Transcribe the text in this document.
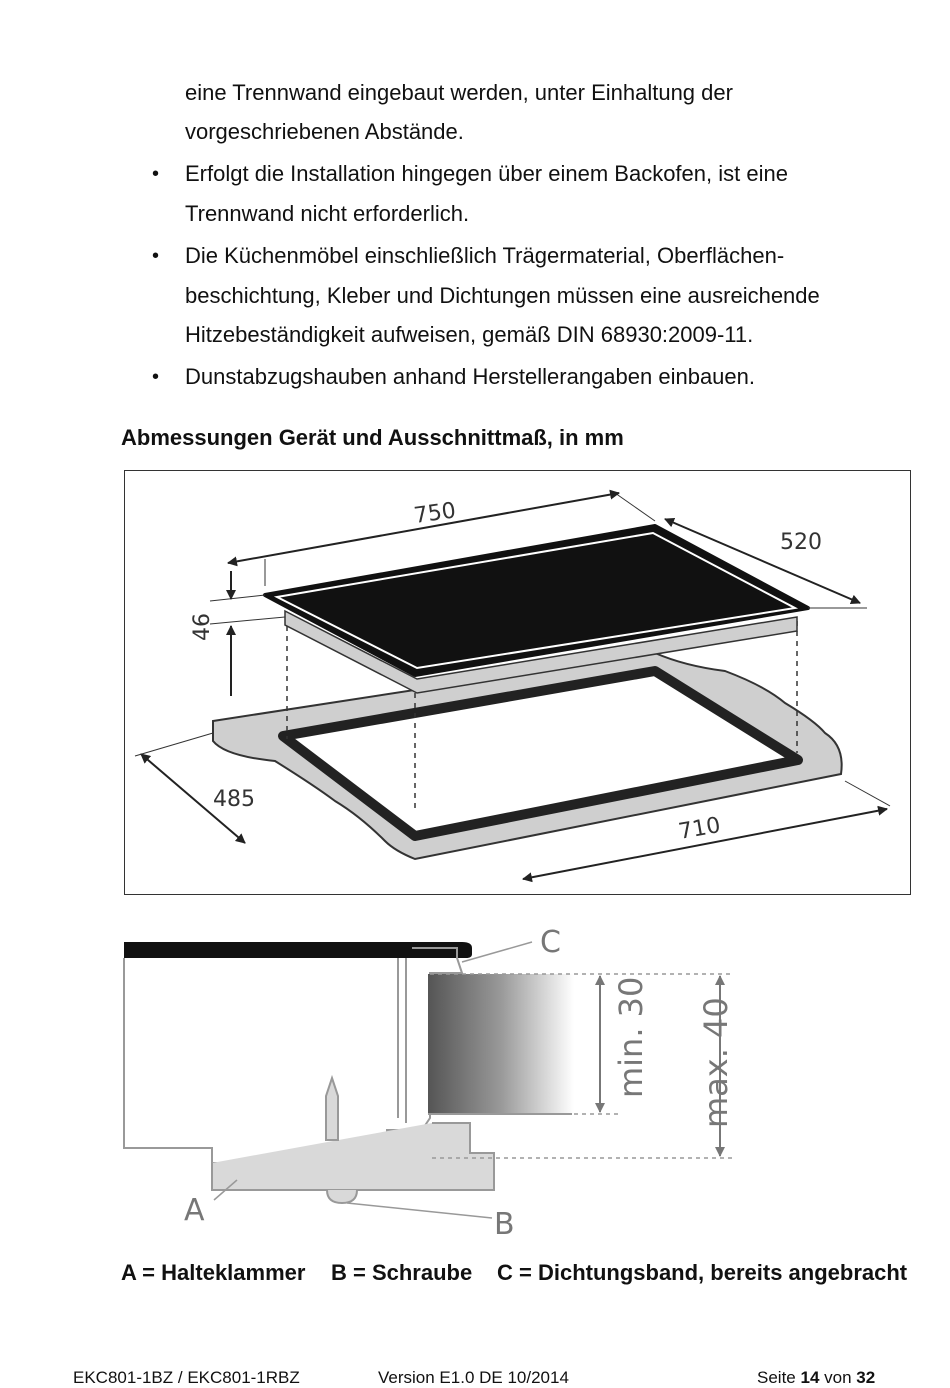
eine Trennwand eingebaut werden, unter Einhaltung der
vorgeschriebenen Abstände.
• Erfolgt die Installation hingegen über einem Backofen, ist eine
Trennwand nicht erforderlich.
• Die Küchenmöbel einschließlich Trägermaterial, Oberflächen-
beschichtung, Kleber und Dichtungen müssen eine ausreichende
Hitzebeständigkeit aufweisen, gemäß DIN 68930:2009-11.
• Dunstabzugshauben anhand Herstellerangaben einbauen.
Abmessungen Gerät und Ausschnittmaß, in mm
750
520
46
485
710
min. 30 max. 40
C
A	B
A = Halteklammer B = Schraube C = Dichtungsband, bereits angebracht
EKC801-1BZ / EKC801-1RBZ	Version E1.0 DE 10/2014	Seite 14 von 32
